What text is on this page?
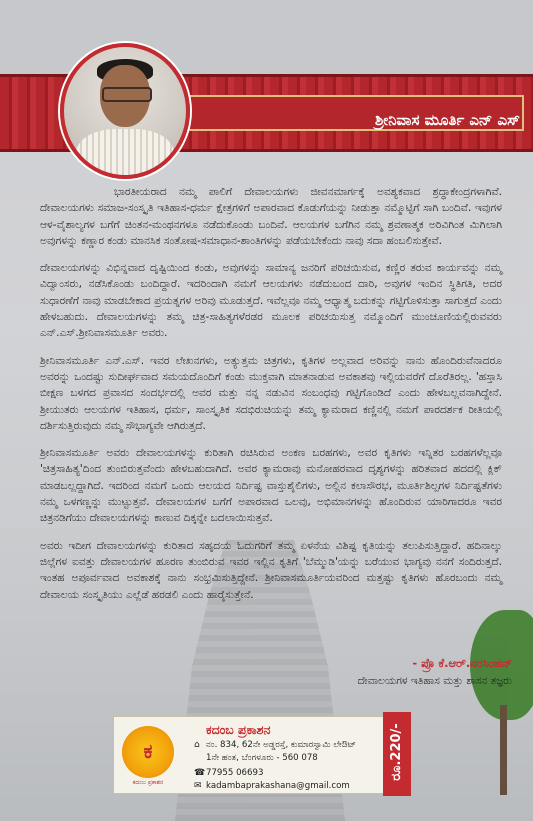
ಶ್ರೀನಿವಾಸ ಮೂರ್ತಿ ಎನ್ ಎಸ್

ಭಾರತೀಯರಾದ ನಮ್ಮ ಪಾಲಿಗೆ ದೇವಾಲಯಗಳು ಜೀವನಮಾರ್ಗಕ್ಕೆ ಅವಶ್ಯಕವಾದ ಶ್ರದ್ಧಾಕೇಂದ್ರಗಳಾಗಿವೆ. ದೇವಾಲಯಗಳು ಸಮಾಜ-ಸಂಸ್ಕೃತಿ ಇತಿಹಾಸ-ಧರ್ಮ ಕ್ಷೇತ್ರಗಳಿಗೆ ಅಪಾರವಾದ ಕೊಡುಗೆಯನ್ನು ನೀಡುತ್ತಾ ನಮ್ಮೊಟ್ಟಿಗೆ ಸಾಗಿ ಬಂದಿವೆ. ಇವುಗಳ ಆಳ-ವೈಶಾಲ್ಯಗಳ ಬಗೆಗೆ ಚಿಂತನ-ಮಂಥನಗಳೂ ನಡೆದುಕೊಂಡು ಬಂದಿವೆ. ಆಲಯಗಳ ಬಗೆಗಿನ ನಮ್ಮ ಶ್ರವಣಾತ್ಮಕ ಅರಿವಿಗಿಂತ ಮಿಗಿಲಾಗಿ ಅವುಗಳನ್ನು ಕಣ್ಣಾರ ಕಂಡು ಮಾನಸಿಕ ಸಂತೋಷ-ಸಮಾಧಾನ-ಶಾಂತಿಗಳನ್ನು ಪಡೆಯಬೇಕೆಂದು ನಾವು ಸದಾ ಹಂಬಲಿಸುತ್ತೇವೆ.

ದೇವಾಲಯಗಳನ್ನು ವಿಭಿನ್ನವಾದ ದೃಷ್ಟಿಯಿಂದ ಕಂಡು, ಅವುಗಳನ್ನು ಸಾಮಾನ್ಯ ಜನರಿಗೆ ಪರಿಚಯಿಸುವ, ಕಣ್ಣಿರ ತರುವ ಕಾರ್ಯವನ್ನು ನಮ್ಮ ವಿದ್ವಾಂಸರು, ನಡೆಸಿಕೊಂಡು ಬಂದಿದ್ದಾರೆ. ಇದರಿಂದಾಗಿ ನಮಗೆ ಆಲಯಗಳು ನಡೆದುಬಂದ ದಾರಿ, ಅವುಗಳ ಇಂದಿನ ಸ್ಥಿತಿಗತಿ, ಅದರ ಸುಧಾರಣೆಗೆ ನಾವು ಮಾಡಬೇಕಾದ ಪ್ರಯತ್ನಗಳ ಅರಿವು ಮೂಡುತ್ತದೆ. ಇವೆಲ್ಲವೂ ನಮ್ಮ ಆಧ್ಯಾತ್ಮ ಬದುಕನ್ನು ಗಟ್ಟಿಗೊಳಿಸುತ್ತಾ ಸಾಗುತ್ತದೆ ಎಂದು ಹೇಳಬಹುದು. ದೇವಾಲಯಗಳನ್ನು ತಮ್ಮ ಚಿತ್ರ-ಸಾಹಿತ್ಯಗಳೆರಡರ ಮೂಲಕ ಪರಿಚಯಿಸುತ್ತ ನಮ್ಮೊಂದಿಗೆ ಮುಂಚೂಣಿಯಲ್ಲಿರುವವರು ಎನ್.ಎಸ್.ಶ್ರೀನಿವಾಸಮೂರ್ತಿ ಅವರು.

ಶ್ರೀನಿವಾಸಮೂರ್ತಿ ಎನ್.ಎಸ್. ಇವರ ಲೇಖನಗಳು, ಅತ್ಯುತ್ತಮ ಚಿತ್ರಗಳು, ಕೃತಿಗಳ ಅಲ್ಲವಾದ ಅರಿವನ್ನು ನಾನು ಹೊಂದಿರುವೆನಾದರೂ ಅವರನ್ನು ಒಂದಷ್ಟು ಸುದೀರ್ಘವಾದ ಸಮಯದೊಂದಿಗೆ ಕಂಡು ಮುಕ್ತವಾಗಿ ಮಾತನಾಡುವ ಅವಕಾಶವು ಇಲ್ಲಿಯವರೆಗೆ ದೊರೆತಿರಲ್ಲ. 'ಹಸ್ತಾಸಿ ಬೀಕ್ಷಣ ಬಳಗದ ಪ್ರವಾಸದ ಸಂದರ್ಭದಲ್ಲಿ ಅವರ ಮತ್ತು ನನ್ನ ನಡುವಿನ ಸಂಬಂಧವು ಗಟ್ಟಿಗೊಂಡಿದೆ ಎಂದು ಹೇಳಬಲ್ಲವನಾಗಿದ್ದೇನೆ. ಶ್ರೀಯುತರು ಆಲಯಗಳ ಇತಿಹಾಸ, ಧರ್ಮ, ಸಾಂಸ್ಕೃತಿಕ ಸದಭಿರುಚಿಯನ್ನು ತಮ್ಮ ಕ್ಯಾಮರಾದ ಕಣ್ಣಿನಲ್ಲಿ ನಮಗೆ ಪಾರದರ್ಶಕ ರೀತಿಯಲ್ಲಿ ದರ್ಶಿಸುತ್ತಿರುವುದು ನಮ್ಮ ಸೌಭಾಗ್ಯವೇ ಆಗಿರುತ್ತದೆ.

ಶ್ರೀನಿವಾಸಮೂರ್ತಿ ಅವರು ದೇವಾಲಯಗಳನ್ನು ಕುರಿತಾಗಿ ರಚಿಸಿರುವ ಅಂಕಣ ಬರಹಗಳು, ಅವರ ಕೃತಿಗಳು ಇನ್ನಿತರ ಬರಹಗಳೆಲ್ಲವೂ 'ಚಿತ್ರಸಾಹಿತ್ಯ'ದಿಂದ ತುಂಬಿರುತ್ತವೆಂದು ಹೇಳಬಹುದಾಗಿದೆ. ಅವರ ಕ್ಯಾಮರಾವು ಮನೋಹರವಾದ ದೃಶ್ಯಗಳನ್ನು ಹರಿತವಾದ ಹದದಲ್ಲಿ ಕ್ಲಿಕ್ ಮಾಡಬಲ್ಲದ್ದಾಗಿದೆ. ಇದರಿಂದ ನಮಗೆ ಒಂದು ಆಲಯದ ನಿರ್ದಿಷ್ಟ ವಾಸ್ತುಶೈಲಿಗಳು, ಅಲ್ಲಿನ ಕಲಾಸೌರಭ, ಮೂರ್ತಿಶಿಲ್ಪಗಳ ನಿರ್ದಿಷ್ಟತೆಗಳು ನಮ್ಮ ಒಳಗಣ್ಣನ್ನು ಮುಟ್ಟುತ್ತವೆ. ದೇವಾಲಯಗಳ ಬಗೆಗೆ ಅಪಾರವಾದ ಒಲವು, ಅಭಿಮಾನಗಳನ್ನು ಹೊಂದಿರುವ ಯಾರಿಗಾದರೂ ಇವರ ಚಿತ್ರನಡಿಗೆಯು ದೇವಾಲಯಗಳನ್ನು ಕಾಣುವ ದಿಕ್ಕನ್ನೇ ಬದಲಾಯಿಸುತ್ತವೆ.

ಅವರು ಇದೀಗ ದೇವಾಲಯಗಳನ್ನು ಕುರಿತಾದ ಸಹೃದಯ ಓದುಗರಿಗೆ ತಮ್ಮ ಏಳನೆಯ ವಿಶಿಷ್ಟ ಕೃತಿಯನ್ನು ತಲುಪಿಸುತ್ತಿದ್ದಾರೆ. ಹದಿನಾಲ್ಕು ಜಿಲ್ಲೆಗಳ ಐವತ್ತು ದೇವಾಲಯಗಳ ಹೂರಣ ತುಂಬಿರುವ ಇವರ ಇಲ್ಲಿನ ಕೃತಿಗೆ 'ಬೆಮ್ಮುಡಿ'ಯನ್ನು ಬರೆಯುವ ಭಾಗ್ಯವು ನನಗೆ ಸಂದಿರುತ್ತದೆ. ಇಂತಹ ಅಪೂರ್ವವಾದ ಅವಕಾಶಕ್ಕೆ ನಾನು ಸಂಭ್ರಮಿಸುತ್ತಿದ್ದೇನೆ. ಶ್ರೀನಿವಾಸಮೂರ್ತಿಯವರಿಂದ ಮತ್ತಷ್ಟು ಕೃತಿಗಳು ಹೊರಬಂದು ನಮ್ಮ ದೇವಾಲಯ ಸಂಸ್ಕೃತಿಯು ಎಲ್ಲೆಡೆ ಹರಡಲಿ ಎಂದು ಹಾರೈಸುತ್ತೇನೆ.

- ಪ್ರೊ ಕೆ.ಆರ್.ನರಸಿಂಹನ್
ದೇವಾಲಯಗಳ ಇತಿಹಾಸ ಮತ್ತು ಶಾಸನ ತಜ್ಞರು
ಕ
ಕದಂಬ ಪ್ರಕಾಶನ
ಕದಂಬ ಪ್ರಕಾಶನ
⌂ ನಂ. 834, 62ನೇ ಅಡ್ಡರಸ್ತೆ, ಕುಮಾರಸ್ವಾಮಿ ಲೇಔಟ್
1ನೇ ಹಂತ, ಬೆಂಗಳೂರು - 560 078
☎ 77955 06693
✉ kadambaprakashana@gmail.com
ರೂ.220/-
